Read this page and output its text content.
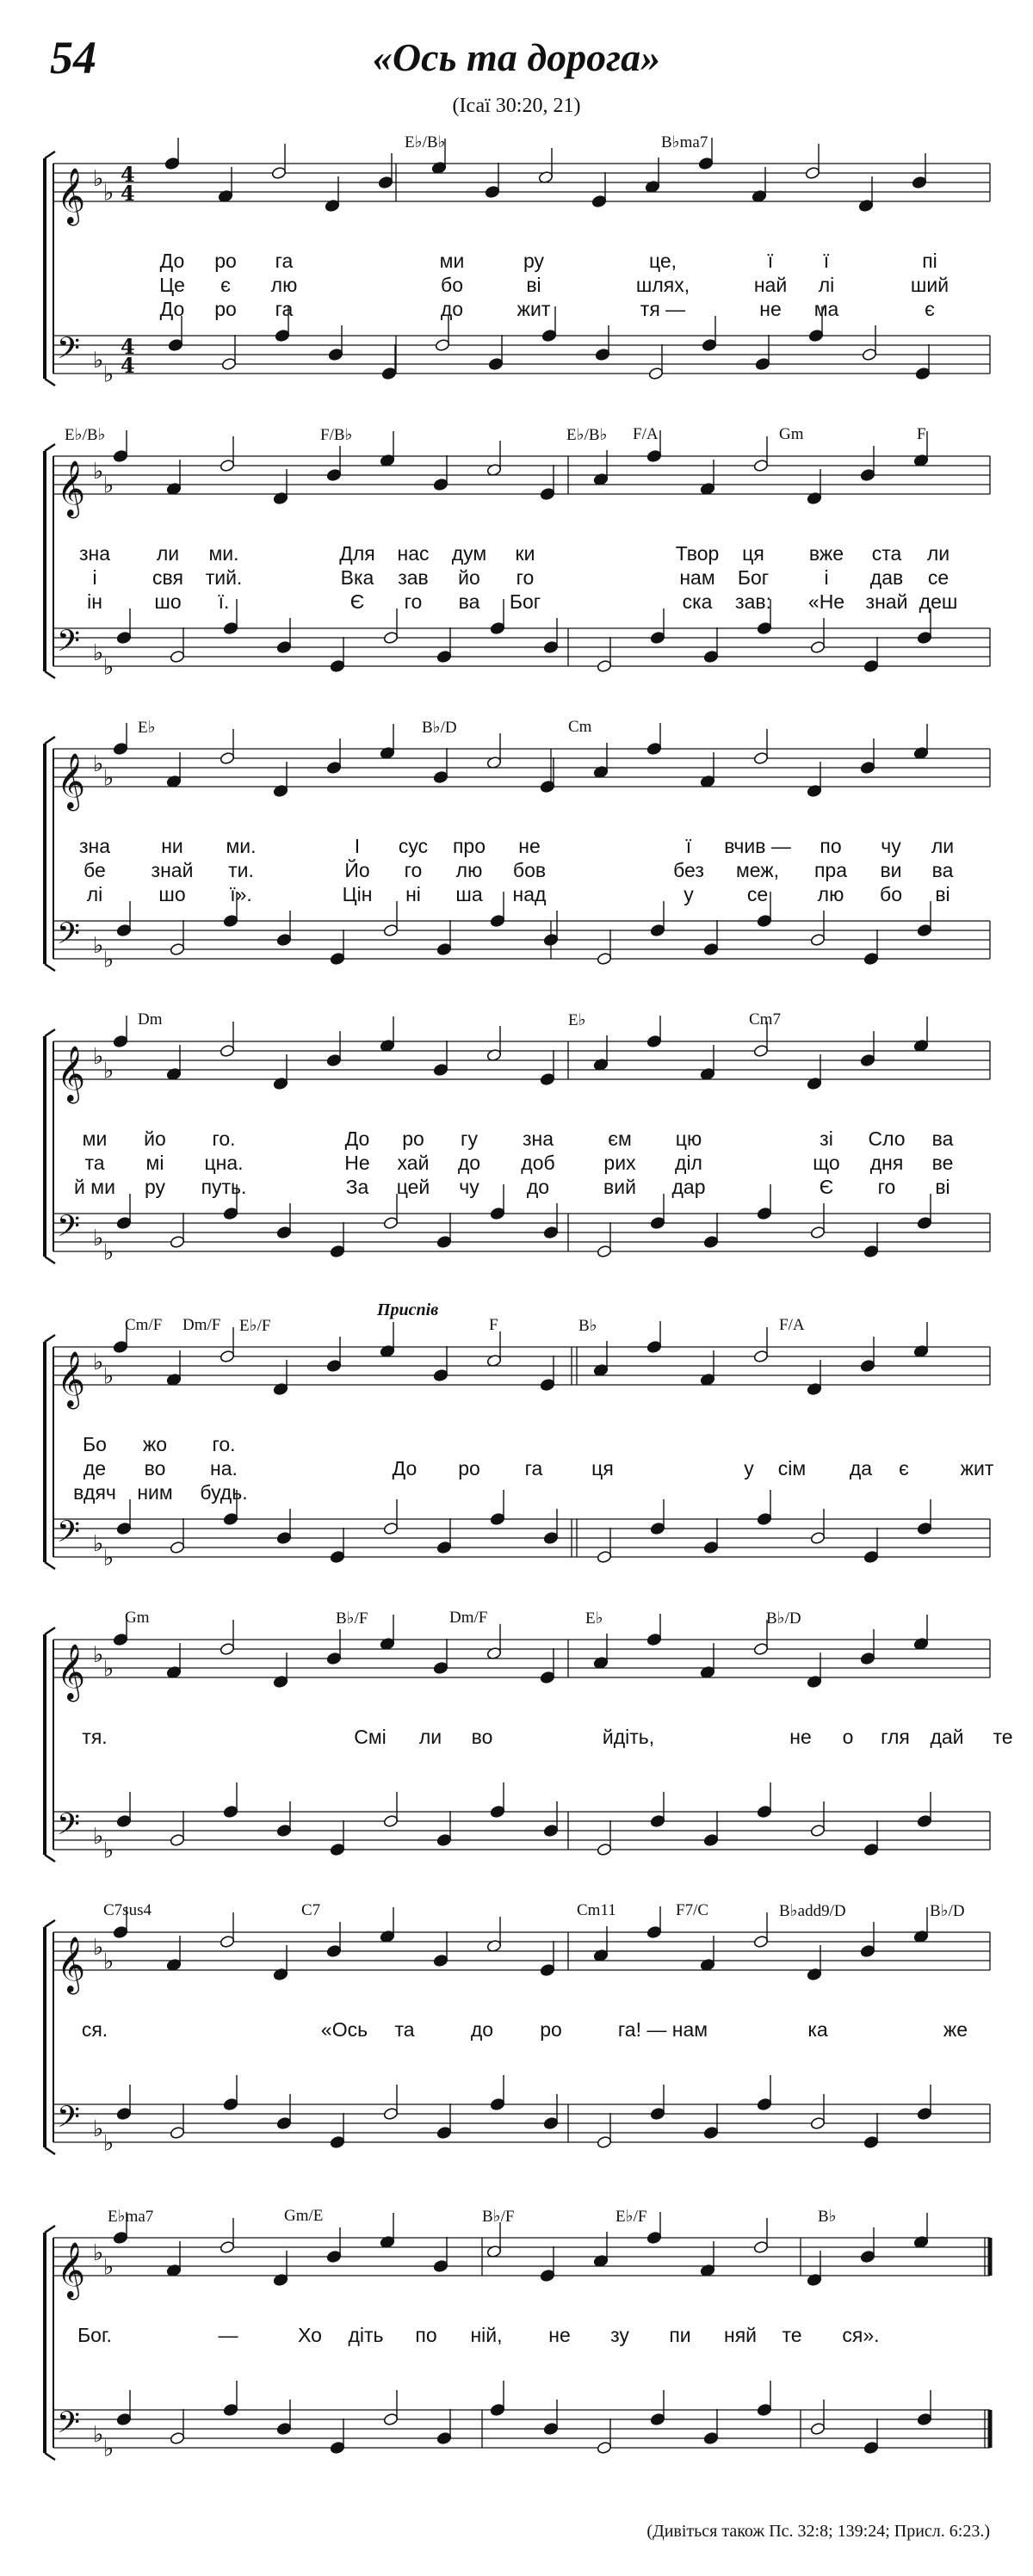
54	«Ось та дорога»
(Ісаї 30:20, 21)
𝄞
𝄢
♭
♭
♭
♭
4
4
4
4
E♭/B♭	B♭ma7
До ро га	ми	ру	це,	ї	ї	пі
Це є лю	бо	ві	шлях,	най лі	ший
До ро га	до	жит	тя —	не ма	є
𝄞
𝄢
♭
♭
♭
♭
E♭/B♭	F/B♭	E♭/B♭ F/A	Gm	F
зна ли ми.	Для нас дум ки	Твор ця вже ста ли
і	свя тий.	Вка зав йо го	нам Бог	і дав се
ін	шо ї.	Є го ва Бог	ска зав: «Не знай деш
𝄞
𝄢
♭
♭
♭
♭
E♭	B♭/D	Cm
зна	ни ми.	І сус про не	ї вчив — по чу ли
бе знай ти.	Йо го лю бов	без меж, пра ви ва
лі	шо ї».	Цін ні ша над	у	се	лю бо ві
𝄞
𝄢
♭
♭
♭
♭
Dm	E♭	Cm7
ми йо го.	До ро гу зна	єм цю	зі Сло ва
та мі цна.	Не хай до доб рих діл	що дня ве
й ми ру путь.	За цей чу до	вий дар	Є го ві
𝄞
𝄢
♭
♭
♭
♭
Cm/F Dm/F E♭/F	F	B♭	F/A
Приспів
Бо жо го.
де во на.	До ро га ця	у сім да є	жит
вдяч ним будь.
𝄞
𝄢
♭
♭
♭
♭
Gm	B♭/F	Dm/F	E♭	B♭/D
тя.	Смі ли во	йдіть,	не о гля дай те
𝄞
𝄢
♭
♭
♭
♭
C7sus4	C7	Cm11	F7/C	B♭add9/D	B♭/D
ся.	«Ось та	до ро	га! — нам	ка	же
𝄞
𝄢
♭
♭
♭
♭
E♭ma7	Gm/E	B♭/F	E♭/F	B♭
Бог.	—	Хо діть по ній, не зу пи няй те ся».
(Дивіться також Пс. 32:8; 139:24; Присл. 6:23.)
